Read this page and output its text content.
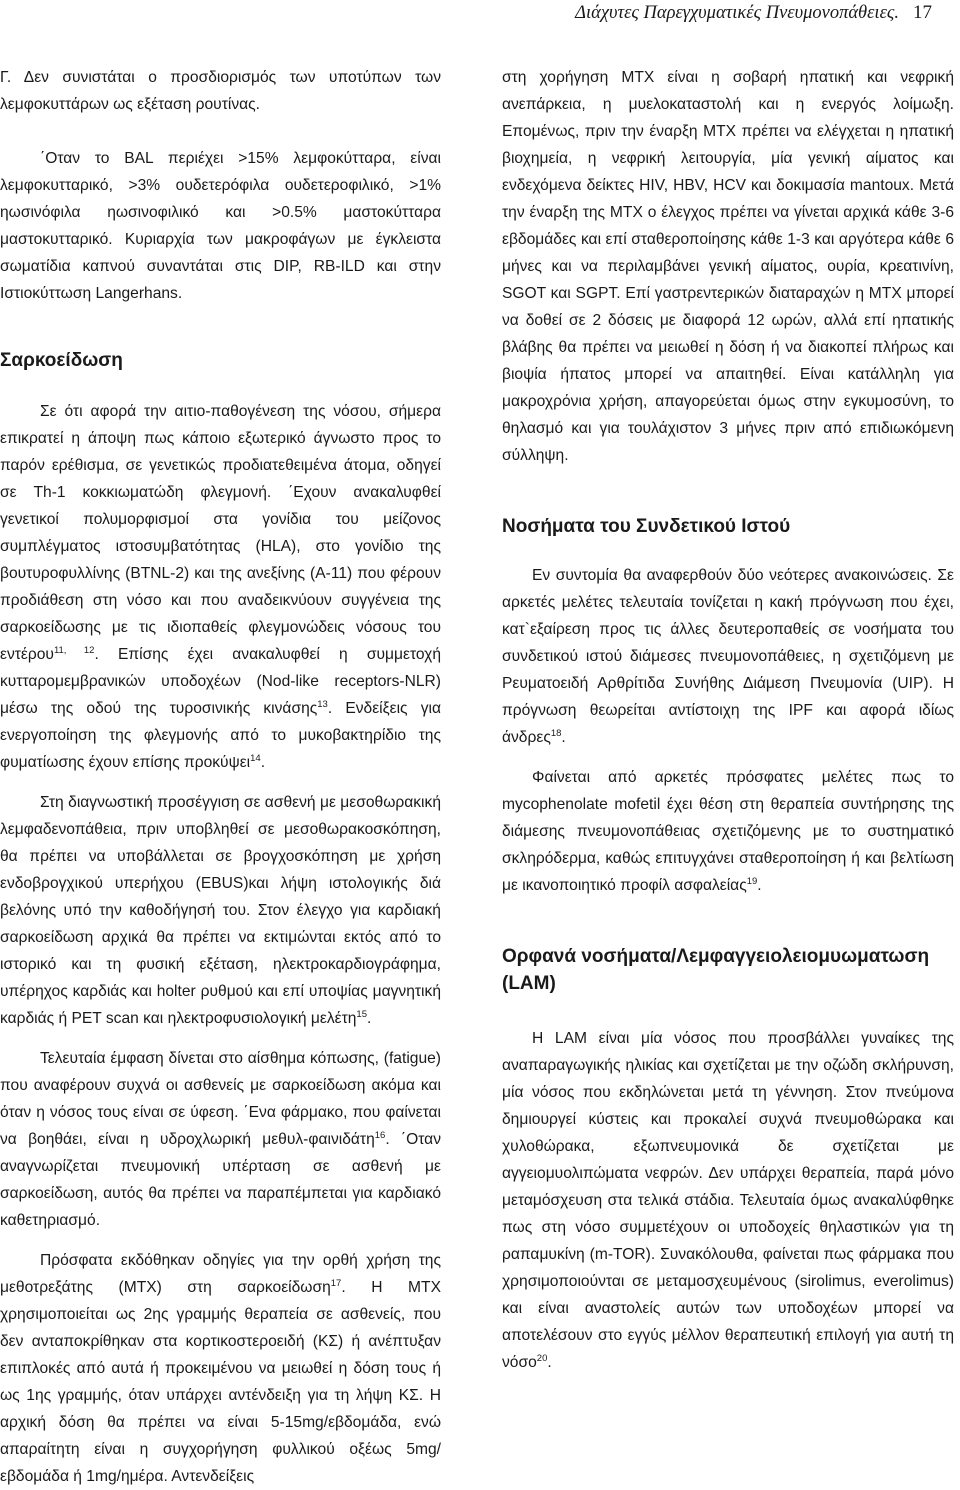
Διάχυτες Παρεγχυματικές Πνευμονοπάθειες. 17

Γ. Δεν συνιστάται ο προσδιορισμός των υποτύπων των λεμφοκυττάρων ως εξέταση ρουτίνας.

΄Οταν το BAL περιέχει >15% λεμφοκύτταρα, είναι λεμφοκυτταρικό, >3% ουδετερόφιλα ουδετεροφιλικό, >1% ηωσινόφιλα ηωσινοφιλικό και >0.5% μαστοκύτταρα μαστοκυτταρικό. Κυριαρχία των μακροφάγων με έγκλειστα σωματίδια καπνού συναντάται στις DIP, RB-ILD και στην Ιστιοκύττωση Langerhans.

Σαρκοείδωση

Σε ότι αφορά την αιτιο-παθογένεση της νόσου, σήμερα επικρατεί η άποψη πως κάποιο εξωτερικό άγνωστο προς το παρόν ερέθισμα, σε γενετικώς προδιατεθειμένα άτομα, οδηγεί σε Th-1 κοκκιωματώδη φλεγμονή. ΄Εχουν ανακαλυφθεί γενετικοί πολυμορφισμοί στα γονίδια του μείζονος συμπλέγματος ιστοσυμβατότητας (HLA), στο γονίδιο της βουτυροφυλλίνης (BTNL-2) και της ανεξίνης (A-11) που φέρουν προδιάθεση στη νόσο και που αναδεικνύουν συγγένεια της σαρκοείδωσης με τις ιδιοπαθείς φλεγμονώδεις νόσους του εντέρου$^{11, 12}$. Επίσης έχει ανακαλυφθεί η συμμετοχή κυτταρομεμβρανικών υποδοχέων (Nod-like receptors-NLR) μέσω της οδού της τυροσινικής κινάσης$^{13}$. Ενδείξεις για ενεργοποίηση της φλεγμονής από το μυκοβακτηρίδιο της φυματίωσης έχουν επίσης προκύψει$^{14}$.

Στη διαγνωστική προσέγγιση σε ασθενή με μεσοθωρακική λεμφαδενοπάθεια, πριν υποβληθεί σε μεσοθωρακοσκόπηση, θα πρέπει να υποβάλλεται σε βρογχοσκόπηση με χρήση ενδοβρογχικού υπερήχου (EBUS)και λήψη ιστολογικής διά βελόνης υπό την καθοδήγησή του. Στον έλεγχο για καρδιακή σαρκοείδωση αρχικά θα πρέπει να εκτιμώνται εκτός από το ιστορικό και τη φυσική εξέταση, ηλεκτροκαρδιογράφημα, υπέρηχος καρδιάς και holter ρυθμού και επί υποψίας μαγνητική καρδιάς ή PET scan και ηλεκτροφυσιολογική μελέτη$^{15}$.

Τελευταία έμφαση δίνεται στο αίσθημα κόπωσης, (fatigue) που αναφέρουν συχνά οι ασθενείς με σαρκοείδωση ακόμα και όταν η νόσος τους είναι σε ύφεση. ΄Ενα φάρμακο, που φαίνεται να βοηθάει, είναι η υδροχλωρική μεθυλ-φαινιδάτη$^{16}$. ΄Οταν αναγνωρίζεται πνευμονική υπέρταση σε ασθενή με σαρκοείδωση, αυτός θα πρέπει να παραπέμπεται για καρδιακό καθετηριασμό.

Πρόσφατα εκδόθηκαν οδηγίες για την ορθή χρήση της μεθοτρεξάτης (MTX) στη σαρκοείδωση$^{17}$. Η MTX χρησιμοποιείται ως 2ης γραμμής θεραπεία σε ασθενείς, που δεν ανταποκρίθηκαν στα κορτικοστεροειδή (ΚΣ) ή ανέπτυξαν επιπλοκές από αυτά ή προκειμένου να μειωθεί η δόση τους ή ως 1ης γραμμής, όταν υπάρχει αντένδειξη για τη λήψη ΚΣ. Η αρχική δόση θα πρέπει να είναι 5-15mg/εβδομάδα, ενώ απαραίτητη είναι η συγχορήγηση φυλλικού οξέως 5mg/εβδομάδα ή 1mg/ημέρα. Αντενδείξεις

στη χορήγηση MTX είναι η σοβαρή ηπατική και νεφρική ανεπάρκεια, η μυελοκαταστολή και η ενεργός λοίμωξη. Επομένως, πριν την έναρξη MTX πρέπει να ελέγχεται η ηπατική βιοχημεία, η νεφρική λειτουργία, μία γενική αίματος και ενδεχόμενα δείκτες HIV, HBV, HCV και δοκιμασία mantoux. Μετά την έναρξη της MTX ο έλεγχος πρέπει να γίνεται αρχικά κάθε 3-6 εβδομάδες και επί σταθεροποίησης κάθε 1-3 και αργότερα κάθε 6 μήνες και να περιλαμβάνει γενική αίματος, ουρία, κρεατινίνη, SGOT και SGPT. Επί γαστρεντερικών διαταραχών η MTX μπορεί να δοθεί σε 2 δόσεις με διαφορά 12 ωρών, αλλά επί ηπατικής βλάβης θα πρέπει να μειωθεί η δόση ή να διακοπεί πλήρως και βιοψία ήπατος μπορεί να απαιτηθεί. Είναι κατάλληλη για μακροχρόνια χρήση, απαγορεύεται όμως στην εγκυμοσύνη, το θηλασμό και για τουλάχιστον 3 μήνες πριν από επιδιωκόμενη σύλληψη.

Νοσήματα του Συνδετικού Ιστού

Εν συντομία θα αναφερθούν δύο νεότερες ανακοινώσεις. Σε αρκετές μελέτες τελευταία τονίζεται η κακή πρόγνωση που έχει, κατ`εξαίρεση προς τις άλλες δευτεροπαθείς σε νοσήματα του συνδετικού ιστού διάμεσες πνευμονοπάθειες, η σχετιζόμενη με Ρευματοειδή Αρθρίτιδα Συνήθης Διάμεση Πνευμονία (UIP). Η πρόγνωση θεωρείται αντίστοιχη της IPF και αφορά ιδίως άνδρες$^{18}$.

Φαίνεται από αρκετές πρόσφατες μελέτες πως το mycophenolate mofetil έχει θέση στη θεραπεία συντήρησης της διάμεσης πνευμονοπάθειας σχετιζόμενης με το συστηματικό σκληρόδερμα, καθώς επιτυγχάνει σταθεροποίηση ή και βελτίωση με ικανοποιητικό προφίλ ασφαλείας$^{19}$.

Ορφανά νοσήματα/Λεμφαγγειολειομυωματωση (LAM)

Η LAM είναι μία νόσος που προσβάλλει γυναίκες της αναπαραγωγικής ηλικίας και σχετίζεται με την οζώδη σκλήρυνση, μία νόσος που εκδηλώνεται μετά τη γέννηση. Στον πνεύμονα δημιουργεί κύστεις και προκαλεί συχνά πνευμοθώρακα και χυλοθώρακα, εξωπνευμονικά δε σχετίζεται με αγγειομυολιπώματα νεφρών. Δεν υπάρχει θεραπεία, παρά μόνο μεταμόσχευση στα τελικά στάδια. Τελευταία όμως ανακαλύφθηκε πως στη νόσο συμμετέχουν οι υποδοχείς θηλαστικών για τη ραπαμυκίνη (m-TOR). Συνακόλουθα, φαίνεται πως φάρμακα που χρησιμοποιούνται σε μεταμοσχευμένους (sirolimus, everolimus) και είναι αναστολείς αυτών των υποδοχέων μπορεί να αποτελέσουν στο εγγύς μέλλον θεραπευτική επιλογή για αυτή τη νόσο$^{20}$.
